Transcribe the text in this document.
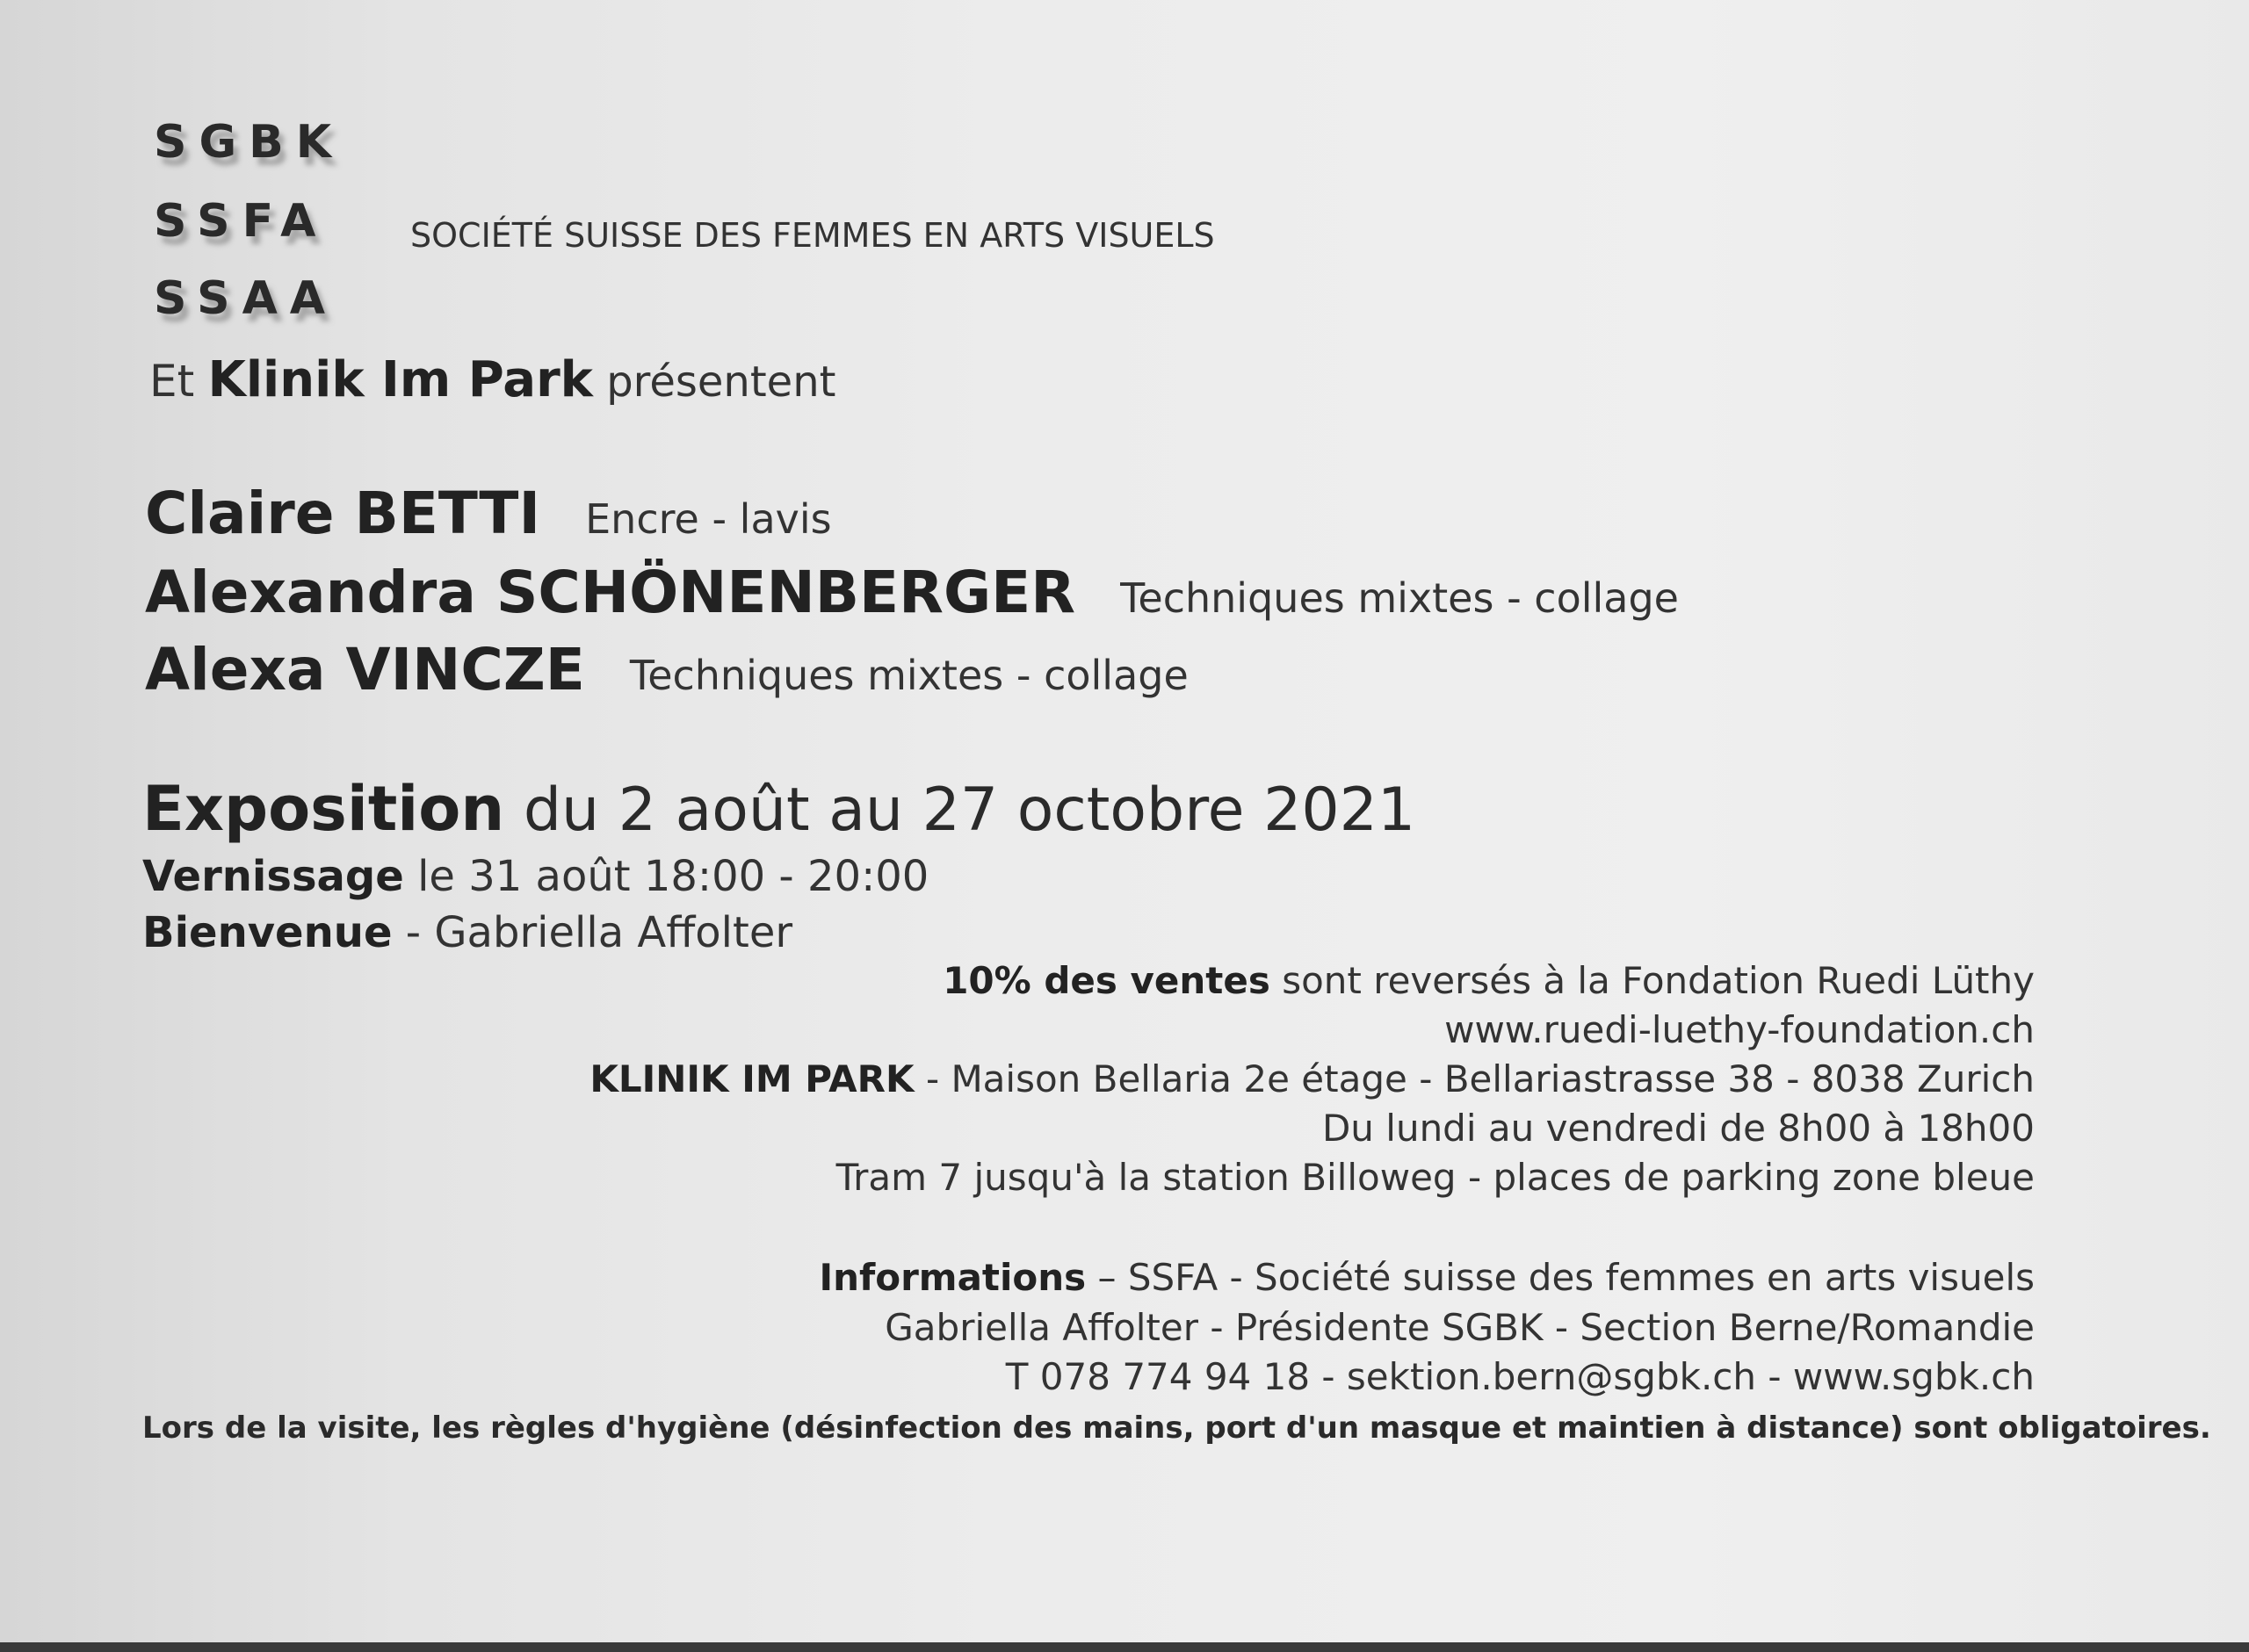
SGBK
SSFA
SSAA
SOCIÉTÉ SUISSE DES FEMMES EN ARTS VISUELS
Et Klinik Im Park présentent
Claire BETTI Encre - lavis
Alexandra SCHÖNENBERGER Techniques mixtes - collage
Alexa VINCZE Techniques mixtes - collage
Exposition du 2 août au 27 octobre 2021
Vernissage le 31 août 18:00 - 20:00
Bienvenue - Gabriella Affolter
10% des ventes sont reversés à la Fondation Ruedi Lüthy
www.ruedi-luethy-foundation.ch
KLINIK IM PARK - Maison Bellaria 2e étage - Bellariastrasse 38 - 8038 Zurich
Du lundi au vendredi de 8h00 à 18h00
Tram 7 jusqu'à la station Billoweg - places de parking zone bleue
Informations – SSFA - Société suisse des femmes en arts visuels
Gabriella Affolter - Présidente SGBK - Section Berne/Romandie
T 078 774 94 18 - sektion.bern@sgbk.ch - www.sgbk.ch
Lors de la visite, les règles d'hygiène (désinfection des mains, port d'un masque et maintien à distance) sont obligatoires.
